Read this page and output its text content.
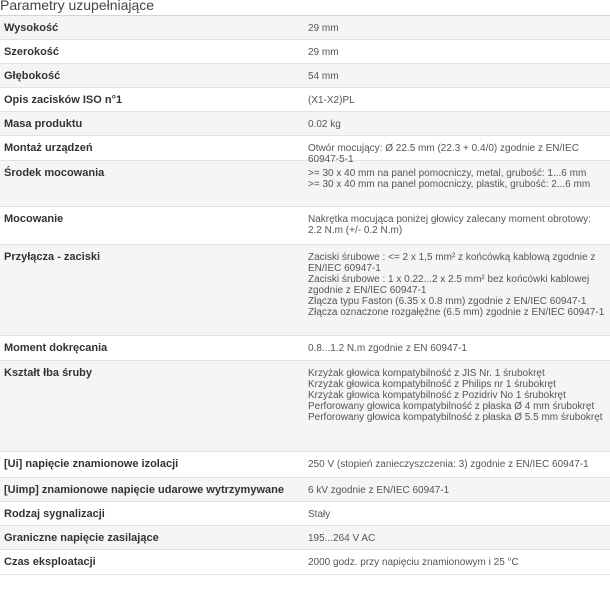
Parametry uzupełniające
Wysokość	29 mm
Szerokość	29 mm
Głębokość	54 mm
Opis zacisków ISO n°1	(X1-X2)PL
Masa produktu	0.02 kg
Montaż urządzeń	Otwór mocujący: Ø 22.5 mm (22.3 + 0.4/0) zgodnie z EN/IEC 60947-5-1
Środek mocowania	>= 30 x 40 mm na panel pomocniczy, metal, grubość: 1...6 mm
>= 30 x 40 mm na panel pomocniczy, plastik, grubość: 2...6 mm
Mocowanie	Nakrętka mocująca poniżej głowicy zalecany moment obrotowy: 2.2 N.m (+/- 0.2 N.m)
Przyłącza - zaciski	Zaciski śrubowe : <= 2 x 1,5 mm² z końcówką kablową zgodnie z EN/IEC 60947-1
Zaciski śrubowe : 1 x 0.22...2 x 2.5 mm² bez końcówki kablowej zgodnie z EN/IEC 60947-1
Złącza typu Faston (6.35 x 0.8 mm) zgodnie z EN/IEC 60947-1
Złącza oznaczone rozgałęźne (6.5 mm) zgodnie z EN/IEC 60947-1
Moment dokręcania	0.8...1.2 N.m zgodnie z EN 60947-1
Kształt łba śruby	Krzyżak głowica kompatybilność z JIS Nr. 1 śrubokręt
Krzyżak głowica kompatybilność z Philips nr 1 śrubokręt
Krzyżak głowica kompatybilność z Pozidriv No 1 śrubokręt
Perforowany głowica kompatybilność z płaska Ø 4 mm śrubokręt
Perforowany głowica kompatybilność z płaska Ø 5.5 mm śrubokręt
[Ui] napięcie znamionowe izolacji	250 V (stopień zanieczyszczenia: 3) zgodnie z EN/IEC 60947-1
[Uimp] znamionowe napięcie udarowe wytrzymywane	6 kV zgodnie z EN/IEC 60947-1
Rodzaj sygnalizacji	Stały
Graniczne napięcie zasilające	195...264 V AC
Czas eksploatacji	2000 godz. przy napięciu znamionowym i 25 °C
